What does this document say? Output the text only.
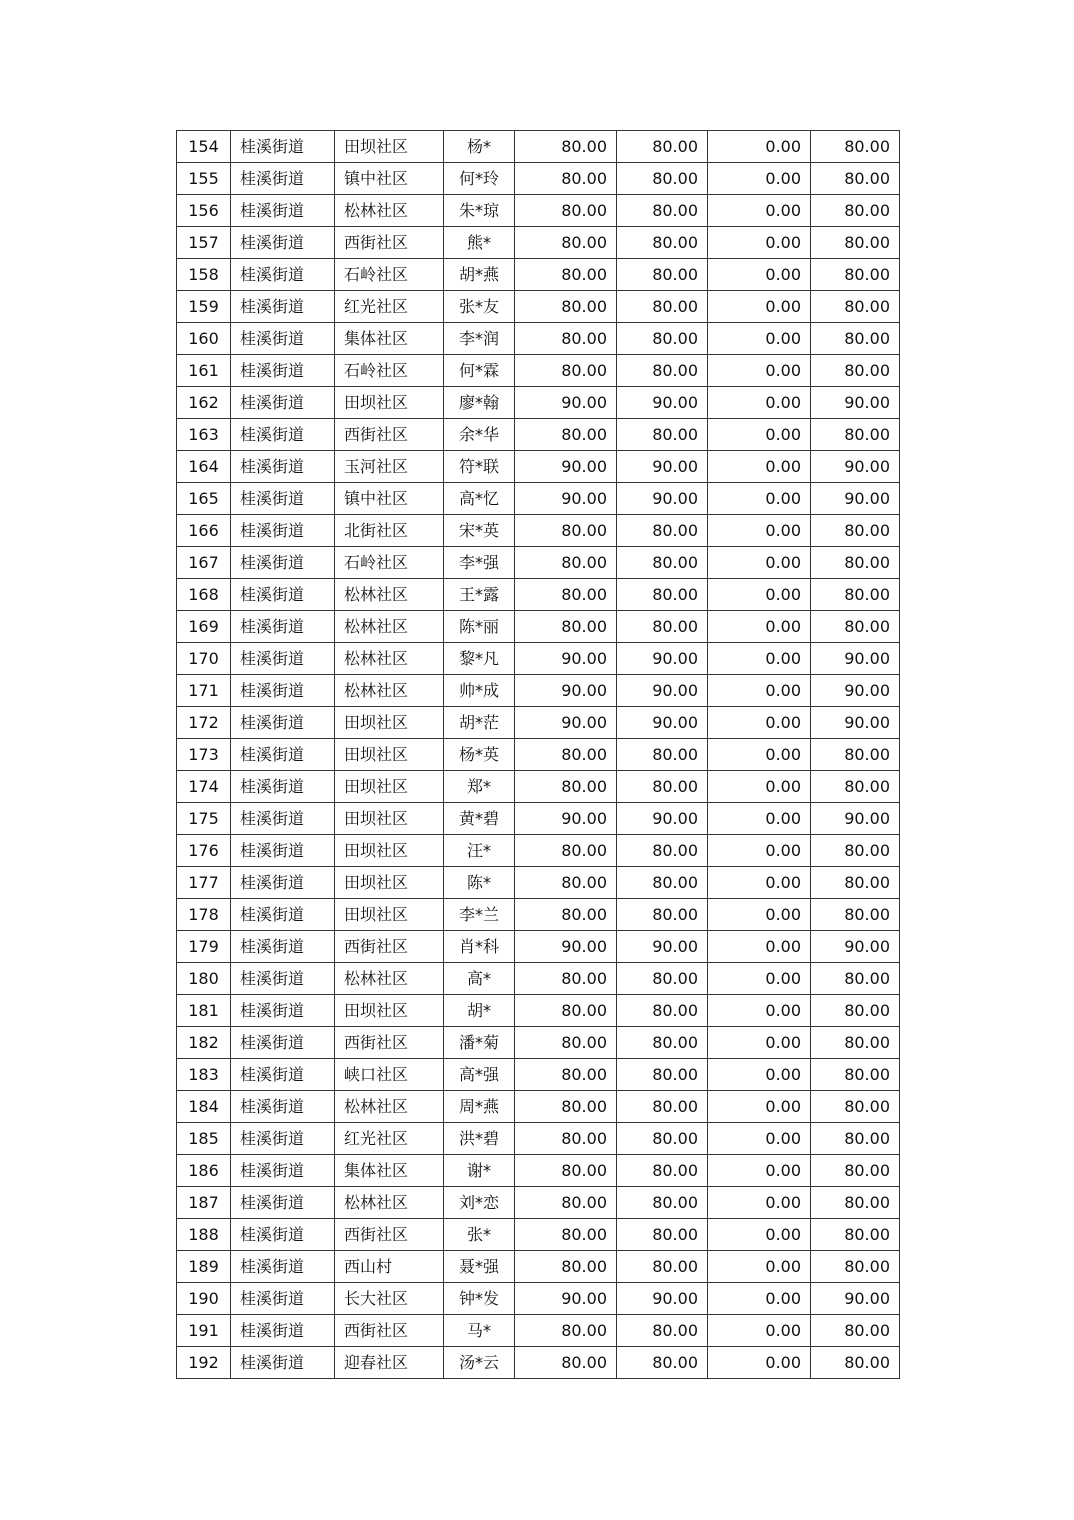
154	桂溪街道	田坝社区	杨*	80.00	80.00	0.00	80.00
155	桂溪街道	镇中社区	何*玲	80.00	80.00	0.00	80.00
156	桂溪街道	松林社区	朱*琼	80.00	80.00	0.00	80.00
157	桂溪街道	西街社区	熊*	80.00	80.00	0.00	80.00
158	桂溪街道	石岭社区	胡*燕	80.00	80.00	0.00	80.00
159	桂溪街道	红光社区	张*友	80.00	80.00	0.00	80.00
160	桂溪街道	集体社区	李*润	80.00	80.00	0.00	80.00
161	桂溪街道	石岭社区	何*霖	80.00	80.00	0.00	80.00
162	桂溪街道	田坝社区	廖*翰	90.00	90.00	0.00	90.00
163	桂溪街道	西街社区	余*华	80.00	80.00	0.00	80.00
164	桂溪街道	玉河社区	符*联	90.00	90.00	0.00	90.00
165	桂溪街道	镇中社区	高*忆	90.00	90.00	0.00	90.00
166	桂溪街道	北街社区	宋*英	80.00	80.00	0.00	80.00
167	桂溪街道	石岭社区	李*强	80.00	80.00	0.00	80.00
168	桂溪街道	松林社区	王*露	80.00	80.00	0.00	80.00
169	桂溪街道	松林社区	陈*丽	80.00	80.00	0.00	80.00
170	桂溪街道	松林社区	黎*凡	90.00	90.00	0.00	90.00
171	桂溪街道	松林社区	帅*成	90.00	90.00	0.00	90.00
172	桂溪街道	田坝社区	胡*茫	90.00	90.00	0.00	90.00
173	桂溪街道	田坝社区	杨*英	80.00	80.00	0.00	80.00
174	桂溪街道	田坝社区	郑*	80.00	80.00	0.00	80.00
175	桂溪街道	田坝社区	黄*碧	90.00	90.00	0.00	90.00
176	桂溪街道	田坝社区	汪*	80.00	80.00	0.00	80.00
177	桂溪街道	田坝社区	陈*	80.00	80.00	0.00	80.00
178	桂溪街道	田坝社区	李*兰	80.00	80.00	0.00	80.00
179	桂溪街道	西街社区	肖*科	90.00	90.00	0.00	90.00
180	桂溪街道	松林社区	高*	80.00	80.00	0.00	80.00
181	桂溪街道	田坝社区	胡*	80.00	80.00	0.00	80.00
182	桂溪街道	西街社区	潘*菊	80.00	80.00	0.00	80.00
183	桂溪街道	峡口社区	高*强	80.00	80.00	0.00	80.00
184	桂溪街道	松林社区	周*燕	80.00	80.00	0.00	80.00
185	桂溪街道	红光社区	洪*碧	80.00	80.00	0.00	80.00
186	桂溪街道	集体社区	谢*	80.00	80.00	0.00	80.00
187	桂溪街道	松林社区	刘*恋	80.00	80.00	0.00	80.00
188	桂溪街道	西街社区	张*	80.00	80.00	0.00	80.00
189	桂溪街道	西山村	聂*强	80.00	80.00	0.00	80.00
190	桂溪街道	长大社区	钟*发	90.00	90.00	0.00	90.00
191	桂溪街道	西街社区	马*	80.00	80.00	0.00	80.00
192	桂溪街道	迎春社区	汤*云	80.00	80.00	0.00	80.00
